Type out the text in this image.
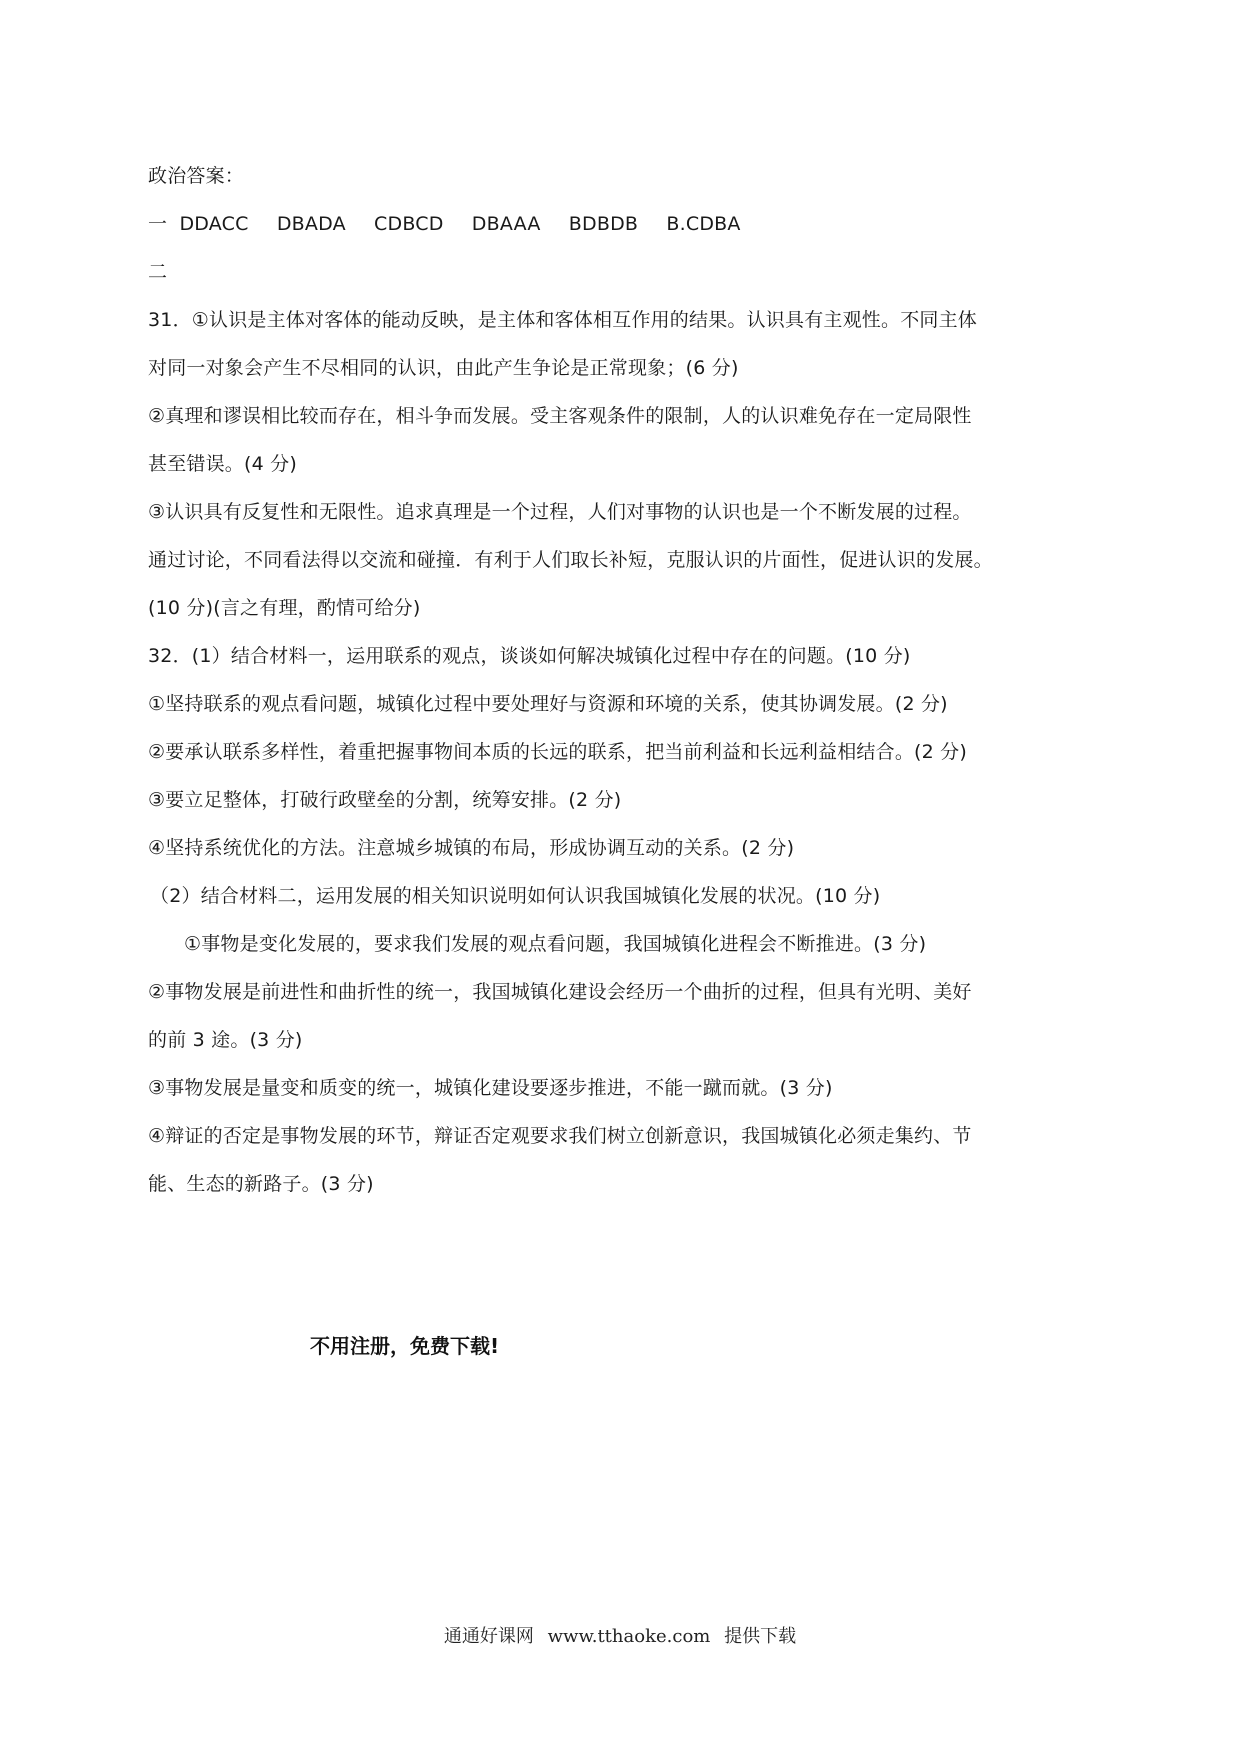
政治答案：
一 DDACC DBADA CDBCD DBAAA BDBDB B.CDBA
二
31．①认识是主体对客体的能动反映，是主体和客体相互作用的结果。认识具有主观性。不同主体
对同一对象会产生不尽相同的认识，由此产生争论是正常现象；(6 分)
②真理和谬误相比较而存在，相斗争而发展。受主客观条件的限制，人的认识难免存在一定局限性
甚至错误。(4 分)
③认识具有反复性和无限性。追求真理是一个过程，人们对事物的认识也是一个不断发展的过程。
通过讨论，不同看法得以交流和碰撞．有利于人们取长补短，克服认识的片面性，促进认识的发展。
(10 分)(言之有理，酌情可给分)
32．(1）结合材料一，运用联系的观点，谈谈如何解决城镇化过程中存在的问题。(10 分)
①坚持联系的观点看问题，城镇化过程中要处理好与资源和环境的关系，使其协调发展。(2 分)
②要承认联系多样性，着重把握事物间本质的长远的联系，把当前利益和长远利益相结合。(2 分)
③要立足整体，打破行政壁垒的分割，统筹安排。(2 分)
④坚持系统优化的方法。注意城乡城镇的布局，形成协调互动的关系。(2 分)
（2）结合材料二，运用发展的相关知识说明如何认识我国城镇化发展的状况。(10 分)
①事物是变化发展的，要求我们发展的观点看问题，我国城镇化进程会不断推进。(3 分)
②事物发展是前进性和曲折性的统一，我国城镇化建设会经历一个曲折的过程，但具有光明、美好
的前 3 途。(3 分)
③事物发展是量变和质变的统一，城镇化建设要逐步推进，不能一蹴而就。(3 分)
④辩证的否定是事物发展的环节，辩证否定观要求我们树立创新意识，我国城镇化必须走集约、节
能、生态的新路子。(3 分)
不用注册，免费下载!
通通好课网 www.tthaoke.com 提供下载
